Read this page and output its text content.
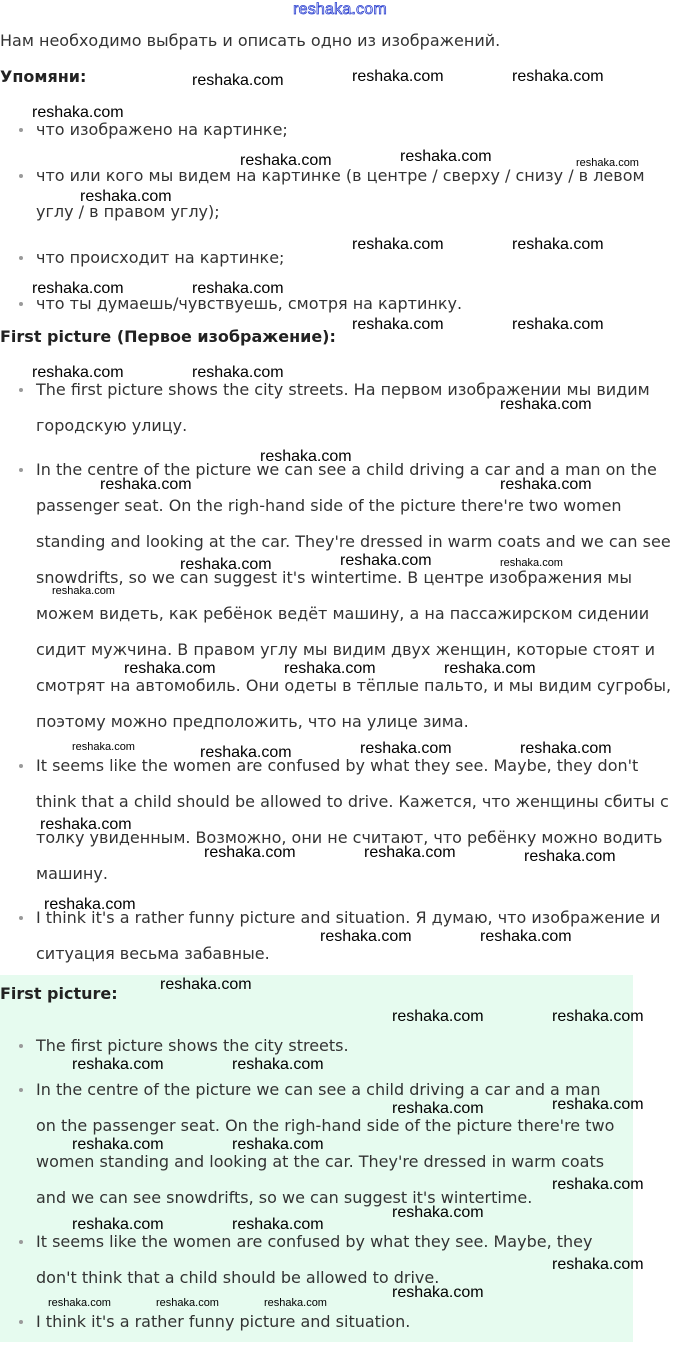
reshaka.com
Нам необходимо выбрать и описать одно из изображений.
Упомяни:
что изображено на картинке;
что или кого мы видем на картинке (в центре / сверху / снизу / в левом углу / в правом углу);
что происходит на картинке;
что ты думаешь/чувствуешь, смотря на картинку.
First picture (Первое изображение):
The first picture shows the city streets. На первом изображении мы видим городскую улицу.
In the centre of the picture we can see a child driving a car and a man on the passenger seat. On the righ-hand side of the picture there're two women standing and looking at the car. They're dressed in warm coats and we can see snowdrifts, so we can suggest it's wintertime. В центре изображения мы можем видеть, как ребёнок ведёт машину, а на пассажирском сидении сидит мужчина. В правом углу мы видим двух женщин, которые стоят и смотрят на автомобиль. Они одеты в тёплые пальто, и мы видим сугробы, поэтому можно предположить, что на улице зима.
It seems like the women are confused by what they see. Maybe, they don't think that a child should be allowed to drive. Кажется, что женщины сбиты с толку увиденным. Возможно, они не считают, что ребёнку можно водить машину.
I think it's a rather funny picture and situation. Я думаю, что изображение и ситуация весьма забавные.
First picture:
The first picture shows the city streets.
In the centre of the picture we can see a child driving a car and a man on the passenger seat. On the righ-hand side of the picture there're two women standing and looking at the car. They're dressed in warm coats and we can see snowdrifts, so we can suggest it's wintertime.
It seems like the women are confused by what they see. Maybe, they don't think that a child should be allowed to drive.
I think it's a rather funny picture and situation.
reshaka.com	reshaka.com	reshaka.com
reshaka.com
reshaka.com	reshaka.com	reshaka.com
reshaka.com
reshaka.com	reshaka.com
reshaka.com	reshaka.com
reshaka.com	reshaka.com
reshaka.com	reshaka.com
reshaka.com
reshaka.com
reshaka.com	reshaka.com
reshaka.com	reshaka.com	reshaka.com
reshaka.com
reshaka.com	reshaka.com	reshaka.com
reshaka.com	reshaka.com	reshaka.com	reshaka.com
reshaka.com
reshaka.com	reshaka.com	reshaka.com
reshaka.com
reshaka.com	reshaka.com
reshaka.com
reshaka.com	reshaka.com
reshaka.com	reshaka.com
reshaka.com	reshaka.com
reshaka.com	reshaka.com
reshaka.com
reshaka.com
reshaka.com	reshaka.com
reshaka.com
reshaka.com
reshaka.com	reshaka.com	reshaka.com
